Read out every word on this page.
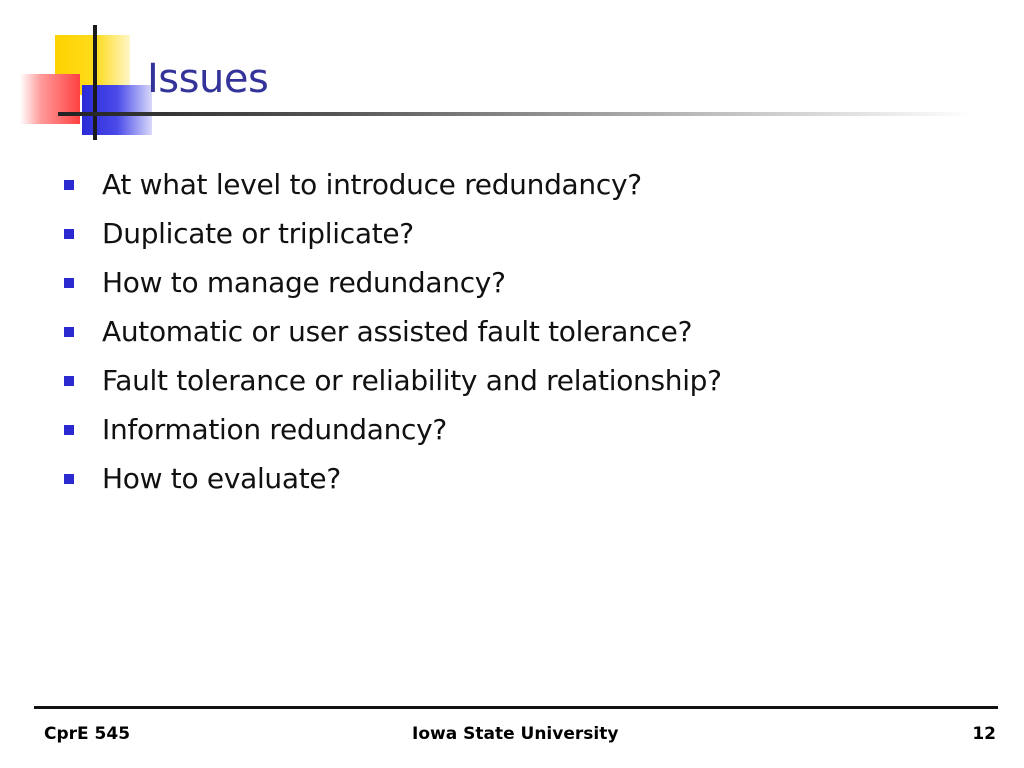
Issues
At what level to introduce redundancy?
Duplicate or triplicate?
How to manage redundancy?
Automatic or user assisted fault tolerance?
Fault tolerance or reliability and relationship?
Information redundancy?
How to evaluate?
CprE 545	Iowa State University	12
